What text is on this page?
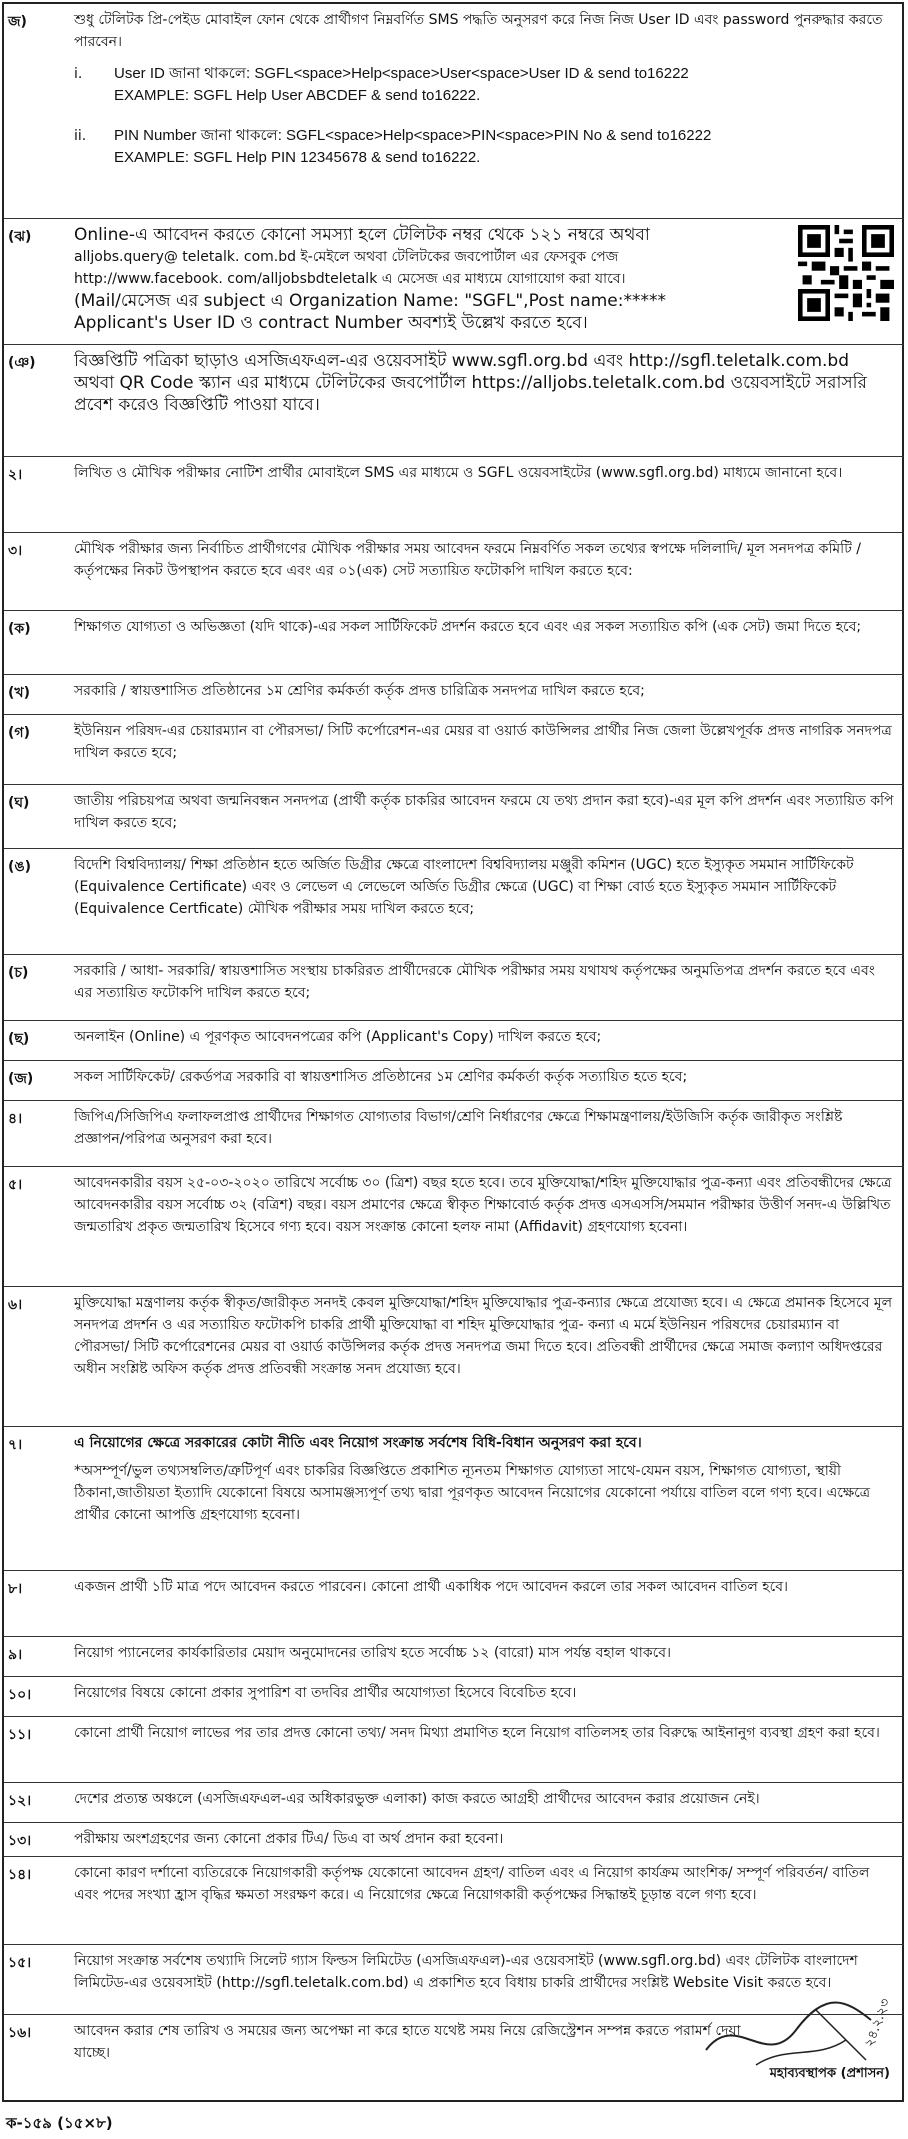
জ)	শুধু টেলিটক প্রি-পেইড মোবাইল ফোন থেকে প্রার্থীগণ নিম্নবর্ণিত SMS পদ্ধতি অনুসরণ করে নিজ নিজ User ID এবং password পুনরুদ্ধার করতে পারবেন।

i. User ID জানা থাকলে: SGFL<space>Help<space>User<space>User ID & send to16222

EXAMPLE: SGFL Help User ABCDEF & send to16222.

ii. PIN Number জানা থাকলে: SGFL<space>Help<space>PIN<space>PIN No & send to16222

EXAMPLE: SGFL Help PIN 12345678 & send to16222.

(ঝ)	Online-এ আবেদন করতে কোনো সমস্যা হলে টেলিটক নম্বর থেকে ১২১ নম্বরে অথবা

alljobs.query@ teletalk. com.bd ই-মেইলে অথবা টেলিটকের জবপোর্টাল এর ফেসবুক পেজ

http://www.facebook. com/alljobsbdteletalk এ মেসেজ এর মাধ্যমে যোগাযোগ করা যাবে।

(Mail/মেসেজ এর subject এ Organization Name: "SGFL",Post name:*****

Applicant's User ID ও contract Number অবশ্যই উল্লেখ করতে হবে।

(ঞ)	বিজ্ঞপ্তিটি পত্রিকা ছাড়াও এসজিএফএল-এর ওয়েবসাইট www.sgfl.org.bd এবং http://sgfl.teletalk.com.bd

অথবা QR Code স্ক্যান এর মাধ্যমে টেলিটকের জবপোর্টাল https://alljobs.teletalk.com.bd ওয়েবসাইটে সরাসরি প্রবেশ করেও বিজ্ঞপ্তিটি পাওয়া যাবে।

২।	লিখিত ও মৌখিক পরীক্ষার নোটিশ প্রার্থীর মোবাইলে SMS এর মাধ্যমে ও SGFL ওয়েবসাইটের (www.sgfl.org.bd) মাধ্যমে জানানো হবে।

৩।	মৌখিক পরীক্ষার জন্য নির্বাচিত প্রার্থীগণের মৌখিক পরীক্ষার সময় আবেদন ফরমে নিম্নবর্ণিত সকল তথ্যের স্বপক্ষে দলিলাদি/ মূল সনদপত্র কমিটি /কর্তৃপক্ষের নিকট উপস্থাপন করতে হবে এবং এর ০১(এক) সেট সত্যায়িত ফটোকপি দাখিল করতে হবে:

(ক)	শিক্ষাগত যোগ্যতা ও অভিজ্ঞতা (যদি থাকে)-এর সকল সার্টিফিকেট প্রদর্শন করতে হবে এবং এর সকল সত্যায়িত কপি (এক সেট) জমা দিতে হবে;

(খ)	সরকারি / স্বায়ত্তশাসিত প্রতিষ্ঠানের ১ম শ্রেণির কর্মকর্তা কর্তৃক প্রদত্ত চারিত্রিক সনদপত্র দাখিল করতে হবে;

(গ)	ইউনিয়ন পরিষদ-এর চেয়ারম্যান বা পৌরসভা/ সিটি কর্পোরেশন-এর মেয়র বা ওয়ার্ড কাউন্সিলর প্রার্থীর নিজ জেলা উল্লেখপূর্বক প্রদত্ত নাগরিক সনদপত্র দাখিল করতে হবে;

(ঘ)	জাতীয় পরিচয়পত্র অথবা জন্মনিবন্ধন সনদপত্র (প্রার্থী কর্তৃক চাকরির আবেদন ফরমে যে তথ্য প্রদান করা হবে)-এর মূল কপি প্রদর্শন এবং সত্যায়িত কপি দাখিল করতে হবে;

(ঙ)	বিদেশি বিশ্ববিদ্যালয়/ শিক্ষা প্রতিষ্ঠান হতে অর্জিত ডিগ্রীর ক্ষেত্রে বাংলাদেশ বিশ্ববিদ্যালয় মঞ্জুরী কমিশন (UGC) হতে ইস্যুকৃত সমমান সার্টিফিকেট (Equivalence Certificate) এবং ও লেভেল এ লেভেলে অর্জিত ডিগ্রীর ক্ষেত্রে (UGC) বা শিক্ষা বোর্ড হতে ইস্যুকৃত সমমান সার্টিফিকেট (Equivalence Certficate) মৌখিক পরীক্ষার সময় দাখিল করতে হবে;

(চ)	সরকারি / আধা- সরকারি/ স্বায়ত্তশাসিত সংস্থায় চাকরিরত প্রার্থীদেরকে মৌখিক পরীক্ষার সময় যথাযথ কর্তৃপক্ষের অনুমতিপত্র প্রদর্শন করতে হবে এবং এর সত্যায়িত ফটোকপি দাখিল করতে হবে;

(ছ)	অনলাইন (Online) এ পূরণকৃত আবেদনপত্রের কপি (Applicant's Copy) দাখিল করতে হবে;

(জ)	সকল সার্টিফিকেট/ রেকর্ডপত্র সরকারি বা স্বায়ত্তশাসিত প্রতিষ্ঠানের ১ম শ্রেণির কর্মকর্তা কর্তৃক সত্যায়িত হতে হবে;

৪।	জিপিএ/সিজিপিএ ফলাফলপ্রাপ্ত প্রার্থীদের শিক্ষাগত যোগ্যতার বিভাগ/শ্রেণি নির্ধারণের ক্ষেত্রে শিক্ষামন্ত্রণালয়/ইউজিসি কর্তৃক জারীকৃত সংশ্লিষ্ট প্রজ্ঞাপন/পরিপত্র অনুসরণ করা হবে।

৫।	আবেদনকারীর বয়স ২৫-০৩-২০২০ তারিখে সর্বোচ্চ ৩০ (ত্রিশ) বছর হতে হবে। তবে মুক্তিযোদ্ধা/শহিদ মুক্তিযোদ্ধার পুত্র-কন্যা এবং প্রতিবন্ধীদের ক্ষেত্রে আবেদনকারীর বয়স সর্বোচ্চ ৩২ (বত্রিশ) বছর। বয়স প্রমাণের ক্ষেত্রে স্বীকৃত শিক্ষাবোর্ড কর্তৃক প্রদত্ত এসএসসি/সমমান পরীক্ষার উত্তীর্ণ সনদ-এ উল্লিখিত জন্মতারিখ প্রকৃত জন্মতারিখ হিসেবে গণ্য হবে। বয়স সংক্রান্ত কোনো হলফ নামা (Affidavit) গ্রহণযোগ্য হবেনা।

৬।	মুক্তিযোদ্ধা মন্ত্রণালয় কর্তৃক স্বীকৃত/জারীকৃত সনদই কেবল মুক্তিযোদ্ধা/শহিদ মুক্তিযোদ্ধার পুত্র-কন্যার ক্ষেত্রে প্রযোজ্য হবে। এ ক্ষেত্রে প্রমানক হিসেবে মূল সনদপত্র প্রদর্শন ও এর সত্যায়িত ফটোকপি চাকরি প্রার্থী মুক্তিযোদ্ধা বা শহিদ মুক্তিযোদ্ধার পুত্র- কন্যা এ মর্মে ইউনিয়ন পরিষদের চেয়ারম্যান বা পৌরসভা/ সিটি কর্পোরেশনের মেয়র বা ওয়ার্ড কাউন্সিলর কর্তৃক প্রদত্ত সনদপত্র জমা দিতে হবে। প্রতিবন্ধী প্রার্থীদের ক্ষেত্রে সমাজ কল্যাণ অধিদপ্তরের অধীন সংশ্লিষ্ট অফিস কর্তৃক প্রদত্ত প্রতিবন্ধী সংক্রান্ত সনদ প্রযোজ্য হবে।

৭।	এ নিয়োগের ক্ষেত্রে সরকারের কোটা নীতি এবং নিয়োগ সংক্রান্ত সর্বশেষ বিধি-বিধান অনুসরণ করা হবে।

*অসম্পূর্ণ/ভুল তথ্যসম্বলিত/ত্রুটিপূর্ণ এবং চাকরির বিজ্ঞপ্তিতে প্রকাশিত ন্যূনতম শিক্ষাগত যোগ্যতা সাথে-যেমন বয়স, শিক্ষাগত যোগ্যতা, স্থায়ী ঠিকানা,জাতীয়তা ইত্যাদি যেকোনো বিষয়ে অসামঞ্জস্যপূর্ণ তথ্য দ্বারা পূরণকৃত আবেদন নিয়োগের যেকোনো পর্যায়ে বাতিল বলে গণ্য হবে। এক্ষেত্রে প্রার্থীর কোনো আপত্তি গ্রহণযোগ্য হবেনা।

৮।	একজন প্রার্থী ১টি মাত্র পদে আবেদন করতে পারবেন। কোনো প্রার্থী একাধিক পদে আবেদন করলে তার সকল আবেদন বাতিল হবে।

৯।	নিয়োগ প্যানেলের কার্যকারিতার মেয়াদ অনুমোদনের তারিখ হতে সর্বোচ্চ ১২ (বারো) মাস পর্যন্ত বহাল থাকবে।

১০।	নিয়োগের বিষয়ে কোনো প্রকার সুপারিশ বা তদবির প্রার্থীর অযোগ্যতা হিসেবে বিবেচিত হবে।

১১।	কোনো প্রার্থী নিয়োগ লাভের পর তার প্রদত্ত কোনো তথ্য/ সনদ মিথ্যা প্রমাণিত হলে নিয়োগ বাতিলসহ তার বিরুদ্ধে আইনানুগ ব্যবস্থা গ্রহণ করা হবে।

১২।	দেশের প্রত্যন্ত অঞ্চলে (এসজিএফএল-এর অধিকারভুক্ত এলাকা) কাজ করতে আগ্রহী প্রার্থীদের আবেদন করার প্রয়োজন নেই।

১৩।	পরীক্ষায় অংশগ্রহণের জন্য কোনো প্রকার টিএ/ ডিএ বা অর্থ প্রদান করা হবেনা।

১৪।	কোনো কারণ দর্শানো ব্যতিরেকে নিয়োগকারী কর্তৃপক্ষ যেকোনো আবেদন গ্রহণ/ বাতিল এবং এ নিয়োগ কার্যক্রম আংশিক/ সম্পূর্ণ পরিবর্তন/ বাতিল এবং পদের সংখ্যা হ্রাস বৃদ্ধির ক্ষমতা সংরক্ষণ করে। এ নিয়োগের ক্ষেত্রে নিয়োগকারী কর্তৃপক্ষের সিদ্ধান্তই চূড়ান্ত বলে গণ্য হবে।

১৫।	নিয়োগ সংক্রান্ত সর্বশেষ তথ্যাদি সিলেট গ্যাস ফিল্ডস লিমিটেড (এসজিএফএল)-এর ওয়েবসাইট (www.sgfl.org.bd) এবং টেলিটক বাংলাদেশ লিমিটেড-এর ওয়েবসাইট (http://sgfl.teletalk.com.bd) এ প্রকাশিত হবে বিধায় চাকরি প্রার্থীদের সংশ্লিষ্ট Website Visit করতে হবে।

১৬।	আবেদন করার শেষ তারিখ ও সময়ের জন্য অপেক্ষা না করে হাতে যথেষ্ট সময় নিয়ে রেজিস্ট্রেশন সম্পন্ন করতে পরামর্শ দেয়া যাচ্ছে।

২৪.২.২৩
মহাব্যবস্থাপক (প্রশাসন)
ক-১৫৯ (১৫×৮)
